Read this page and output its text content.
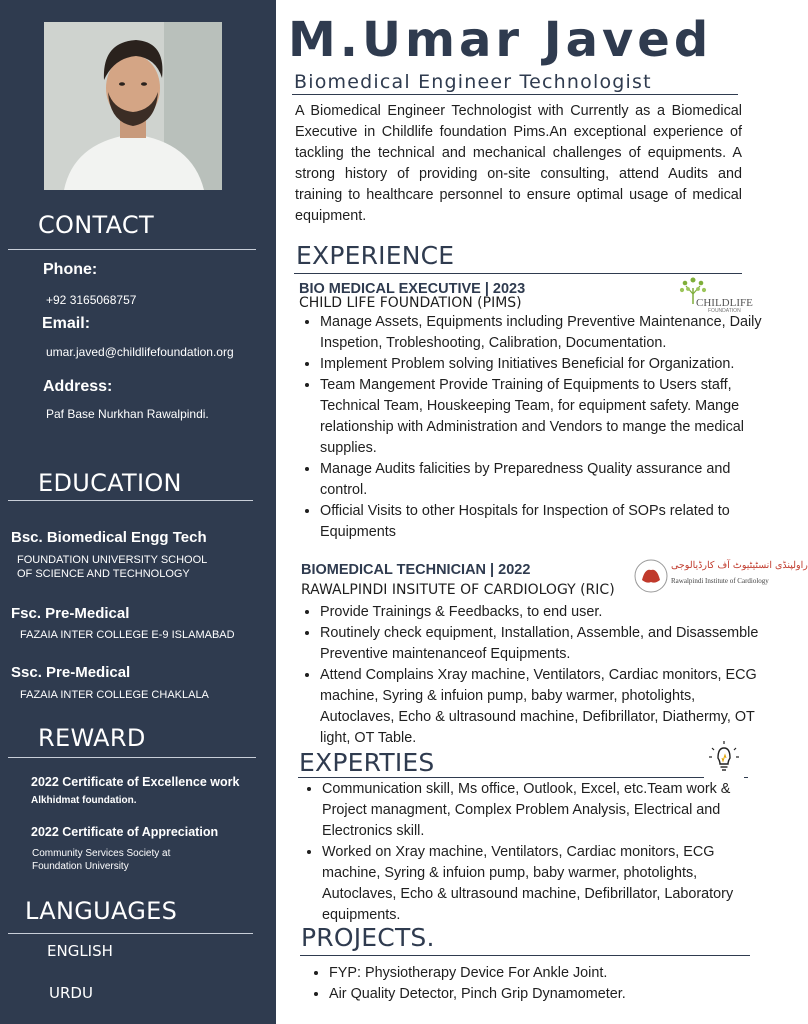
CONTACT
Phone:
+92 3165068757
Email:
umar.javed@childlifefoundation.org
Address:
Paf Base Nurkhan Rawalpindi.
EDUCATION
Bsc. Biomedical Engg Tech
FOUNDATION UNIVERSITY SCHOOL
OF SCIENCE AND TECHNOLOGY
Fsc. Pre-Medical
FAZAIA INTER COLLEGE E-9 ISLAMABAD
Ssc. Pre-Medical
FAZAIA INTER COLLEGE CHAKLALA
REWARD
2022 Certificate of Excellence work
Alkhidmat foundation.
2022 Certificate of Appreciation
Community Services Society at
Foundation University
LANGUAGES
ENGLISH
URDU
M.Umar Javed
Biomedical Engineer Technologist
A Biomedical Engineer Technologist with Currently as a Biomedical Executive in Childlife foundation Pims.An exceptional experience of tackling the technical and mechanical challenges of equipments. A strong history of providing on-site consulting, attend Audits and training to healthcare personnel to ensure optimal usage of medical equipment.
EXPERIENCE
BIO MEDICAL EXECUTIVE | 2023
CHILD LIFE FOUNDATION (PIMS)	CHILDLIFE
FOUNDATION
• Manage Assets, Equipments including Preventive Maintenance, Daily Inspetion, Trobleshooting, Calibration, Documentation.
• Implement Problem solving Initiatives Beneficial for Organization.
• Team Mangement Provide Training of Equipments to Users staff, Technical Team, Houskeeping Team, for equipment safety. Mange relationship with Administration and Vendors to mange the medical supplies.
• Manage Audits falicities by Preparedness Quality assurance and control.
• Official Visits to other Hospitals for Inspection of SOPs related to Equipments
BIOMEDICAL TECHNICIAN | 2022
RAWALPINDI INSITUTE OF CARDIOLOGY (RIC)
راولپنڈی انسٹیٹیوٹ آف کارڈیالوجی
Rawalpindi Institute of Cardiology
• Provide Trainings & Feedbacks, to end user.
• Routinely check equipment, Installation, Assemble, and Disassemble Preventive maintenanceof Equipments.
• Attend Complains Xray machine, Ventilators, Cardiac monitors, ECG machine, Syring & infuion pump, baby warmer, photolights, Autoclaves, Echo & ultrasound machine, Defibrillator, Diathermy, OT light, OT Table.
EXPERTIES
• Communication skill, Ms office, Outlook, Excel, etc.Team work & Project managment, Complex Problem Analysis, Electrical and Electronics skill.
• Worked on Xray machine, Ventilators, Cardiac monitors, ECG machine, Syring & infuion pump, baby warmer, photolights, Autoclaves, Echo & ultrasound machine, Defibrillator, Laboratory equipments.
PROJECTS.
• FYP: Physiotherapy Device For Ankle Joint.
• Air Quality Detector, Pinch Grip Dynamometer.
